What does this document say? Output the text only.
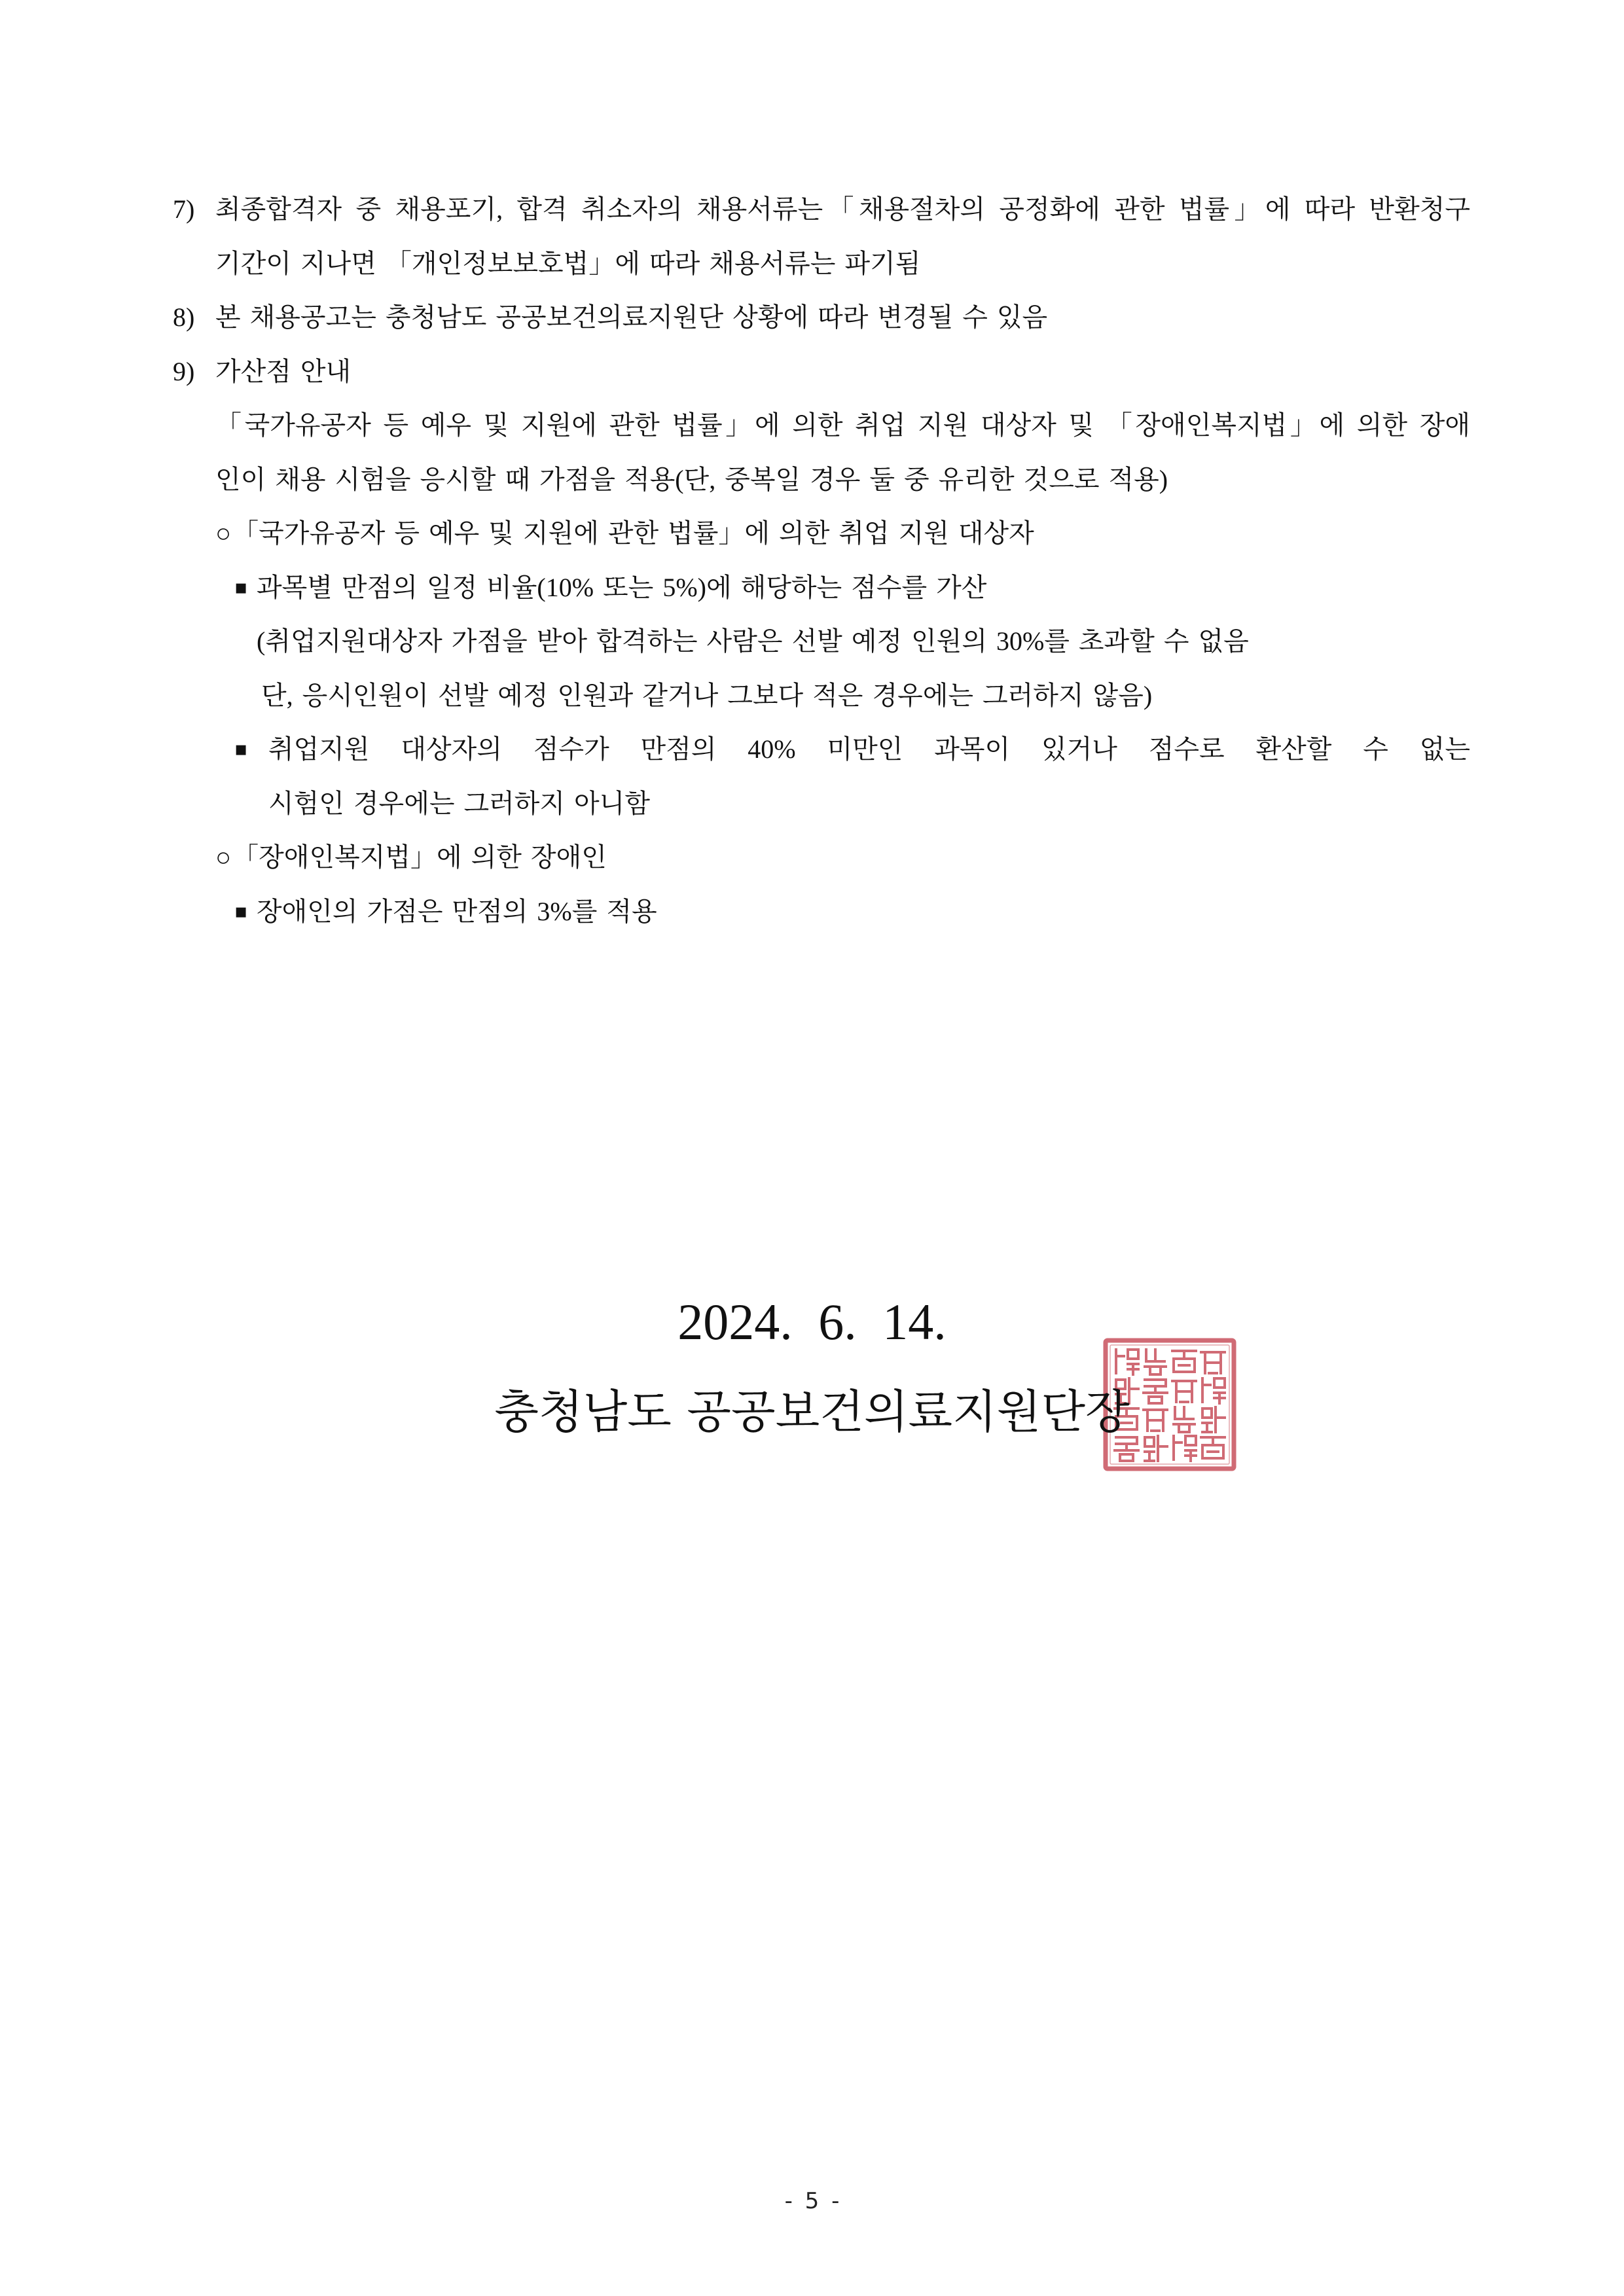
7) 최종합격자 중 채용포기, 합격 취소자의 채용서류는「채용절차의 공정화에 관한 법률」에 따라 반환청구
기간이 지나면 「개인정보보호법」에 따라 채용서류는 파기됨
8) 본 채용공고는 충청남도 공공보건의료지원단 상황에 따라 변경될 수 있음
9) 가산점 안내
「국가유공자 등 예우 및 지원에 관한 법률」에 의한 취업 지원 대상자 및 「장애인복지법」에 의한 장애
인이 채용 시험을 응시할 때 가점을 적용(단, 중복일 경우 둘 중 유리한 것으로 적용)
○「국가유공자 등 예우 및 지원에 관한 법률」에 의한 취업 지원 대상자
▪ 과목별 만점의 일정 비율(10% 또는 5%)에 해당하는 점수를 가산
(취업지원대상자 가점을 받아 합격하는 사람은 선발 예정 인원의 30%를 초과할 수 없음
단, 응시인원이 선발 예정 인원과 같거나 그보다 적은 경우에는 그러하지 않음)
▪ 취업지원 대상자의 점수가 만점의 40% 미만인 과목이 있거나 점수로 환산할 수 없는
시험인 경우에는 그러하지 아니함
○「장애인복지법」에 의한 장애인
▪ 장애인의 가점은 만점의 3%를 적용
2024. 6. 14.
충청남도 공공보건의료지원단장
- 5 -
